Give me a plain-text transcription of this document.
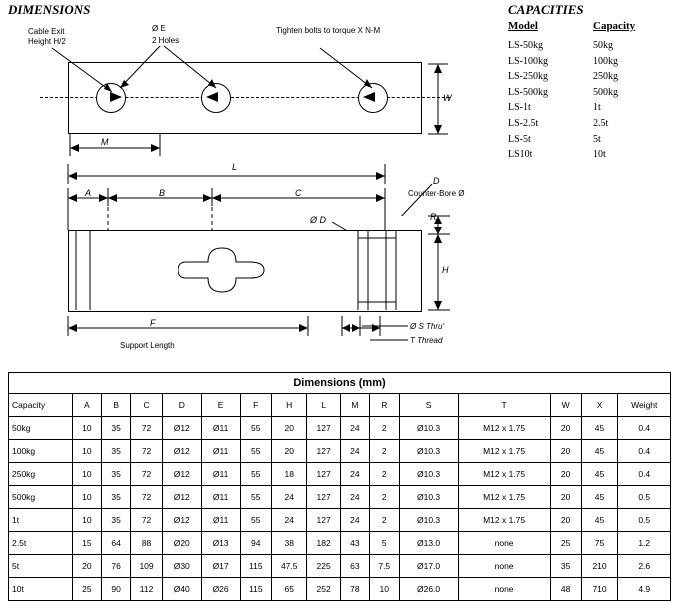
DIMENSIONS	CAPACITIES
Model	Capacity
LS-50kg	50kg
LS-100kg	100kg
LS-250kg	250kg
LS-500kg	500kg
LS-1t	1t
LS-2.5t	2.5t
LS-5t	5t
LS10t	10t
Cable Exit
Height H/2
Ø E
2 Holes
Tighten bolts to torque X N-M
M
W
L
A	B	C
D
Counter-Bore Ø
Ø D	R
H
F
Support Length
Ø S Thru'
T Thread
Dimensions (mm)															
Capacity	A	B	C	D	E	F	H	L	M	R	S	T	W	X	Weight
50kg	10	35	72	Ø12	Ø11	55	20	127	24	2	Ø10.3	M12 x 1.75	20	45	0.4
100kg	10	35	72	Ø12	Ø11	55	20	127	24	2	Ø10.3	M12 x 1.75	20	45	0.4
250kg	10	35	72	Ø12	Ø11	55	18	127	24	2	Ø10.3	M12 x 1.75	20	45	0.4
500kg	10	35	72	Ø12	Ø11	55	24	127	24	2	Ø10.3	M12 x 1.75	20	45	0.5
1t	10	35	72	Ø12	Ø11	55	24	127	24	2	Ø10.3	M12 x 1.75	20	45	0.5
2.5t	15	64	88	Ø20	Ø13	94	38	182	43	5	Ø13.0	none	25	75	1.2
5t	20	76	109	Ø30	Ø17	115	47.5	225	63	7.5	Ø17.0	none	35	210	2.6
10t	25	90	112	Ø40	Ø26	115	65	252	78	10	Ø26.0	none	48	710	4.9
